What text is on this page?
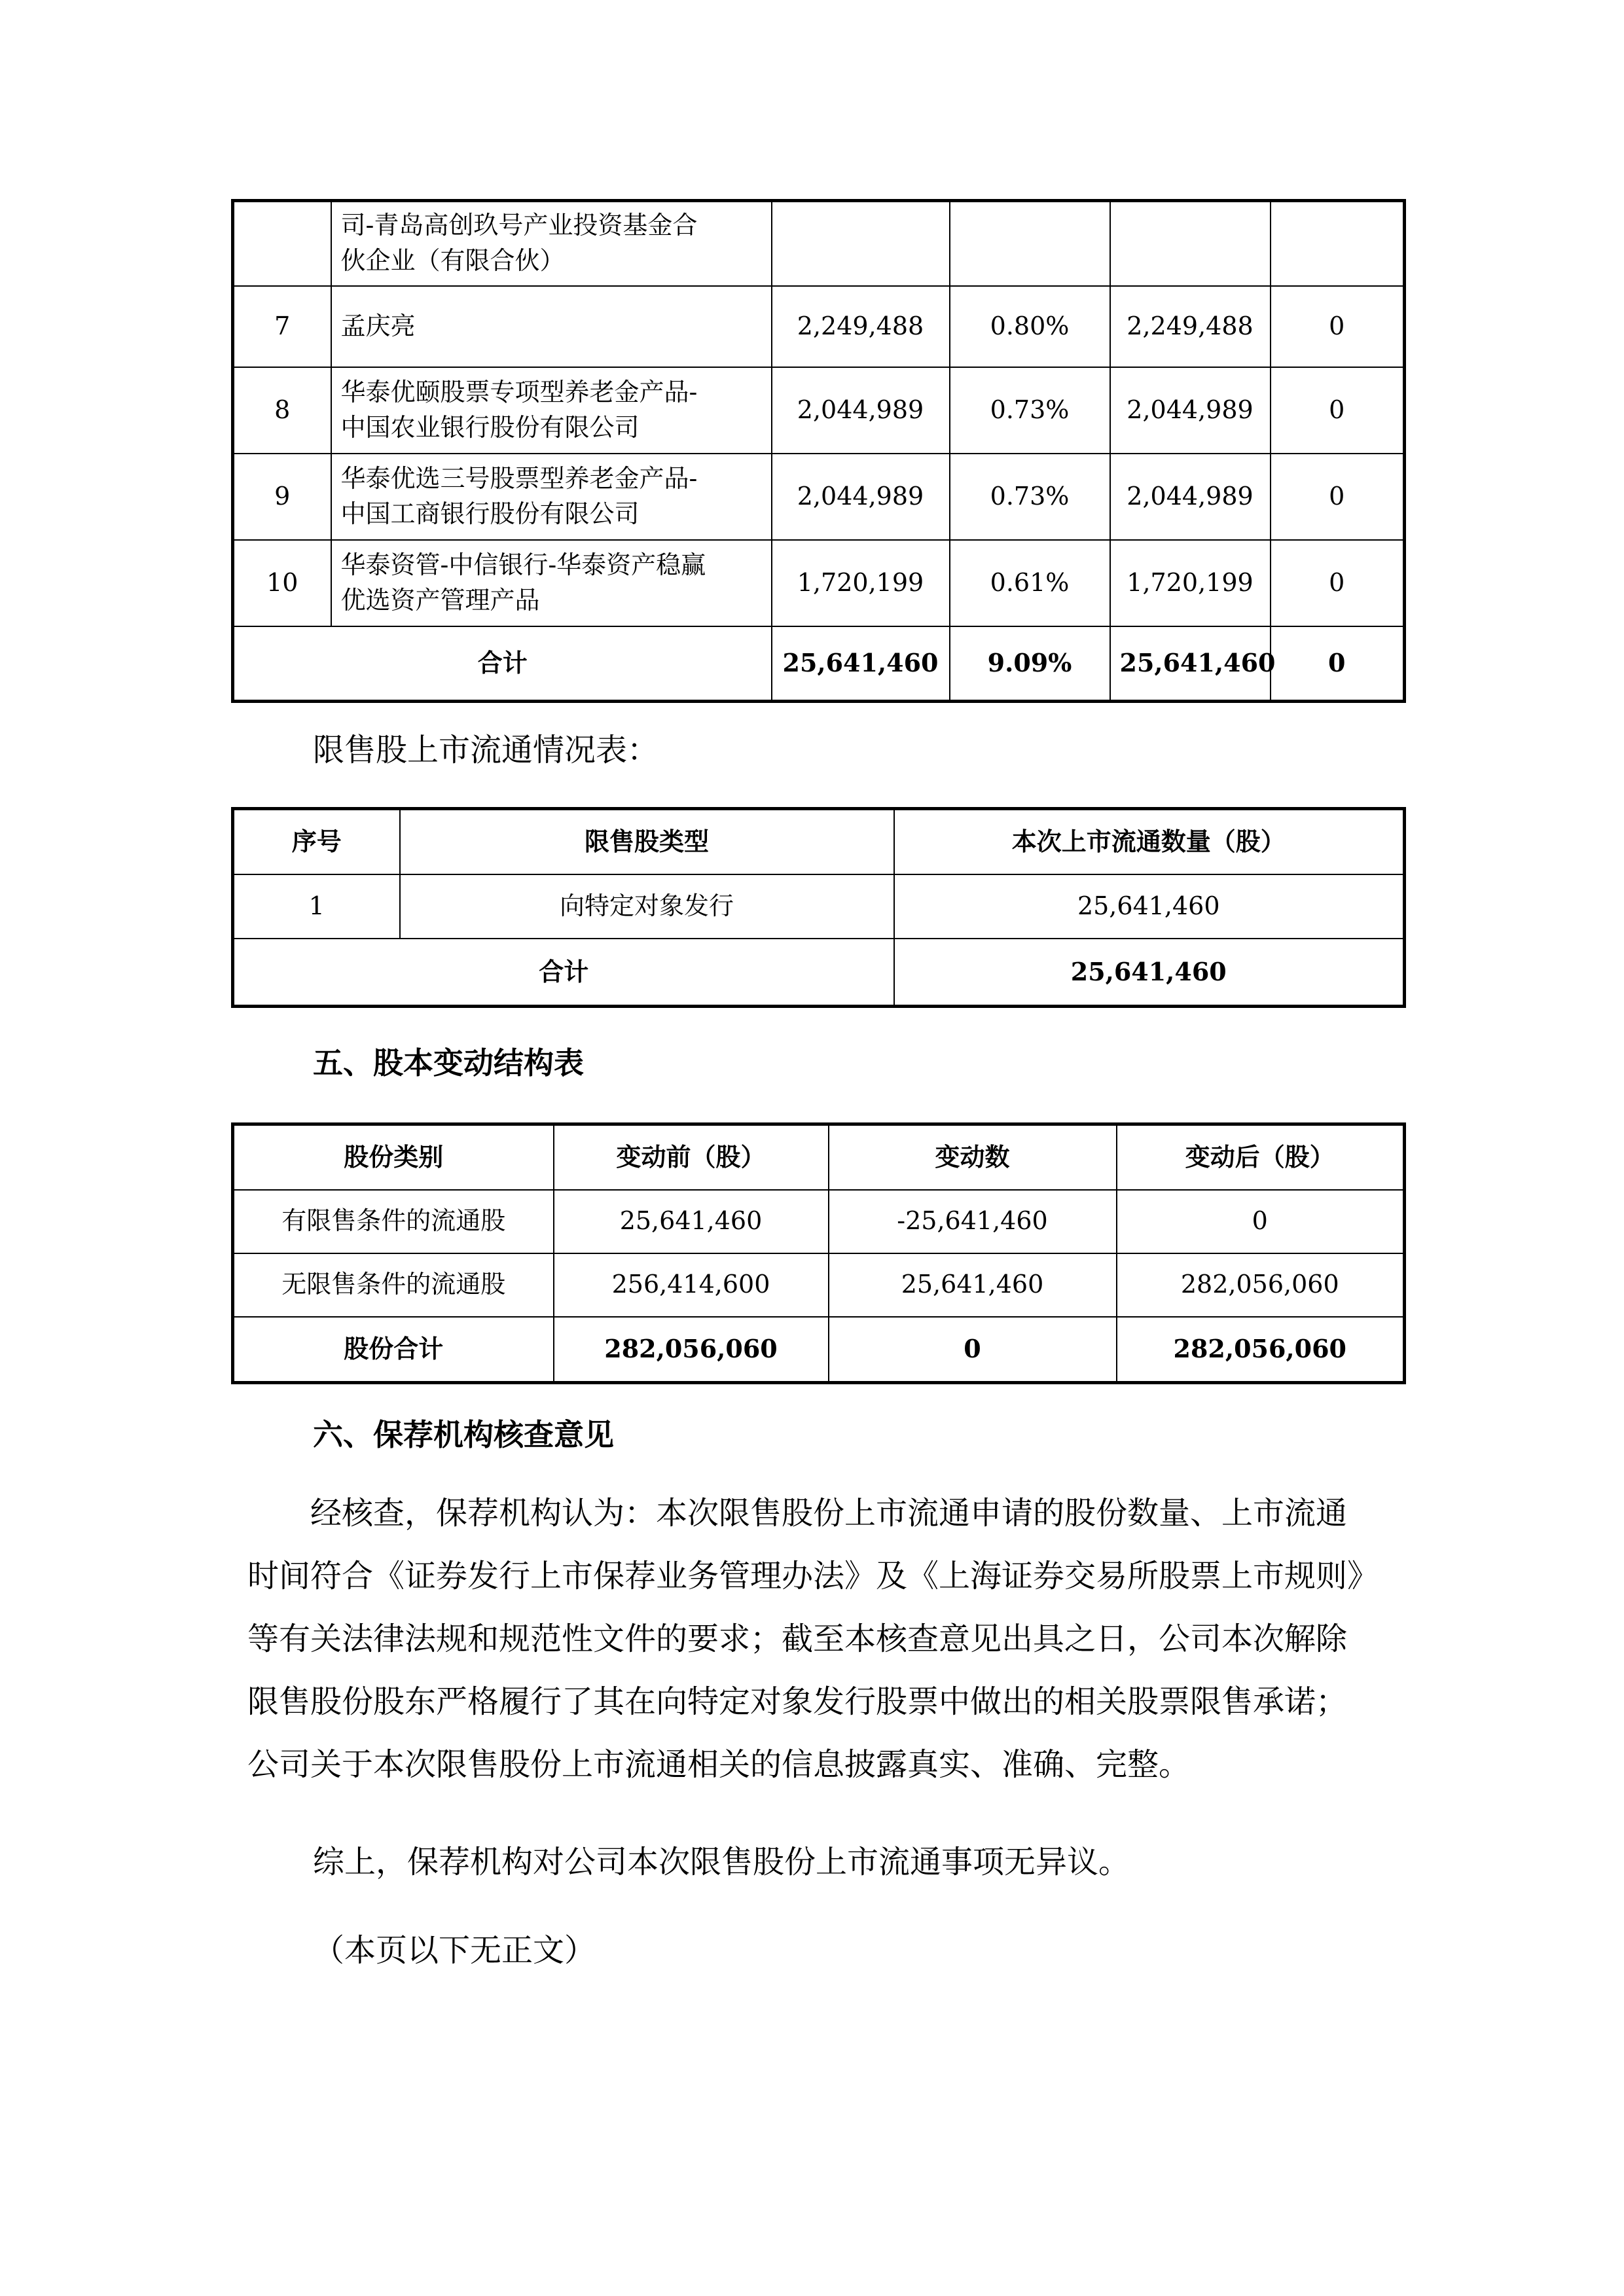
	司-青岛高创玖号产业投资基金合
伙企业（有限合伙）				
7	孟庆亮	2,249,488	0.80%	2,249,488	0
8	华泰优颐股票专项型养老金产品-
中国农业银行股份有限公司	2,044,989	0.73%	2,044,989	0
9	华泰优选三号股票型养老金产品-
中国工商银行股份有限公司	2,044,989	0.73%	2,044,989	0
10	华泰资管-中信银行-华泰资产稳赢
优选资产管理产品	1,720,199	0.61%	1,720,199	0
合计		25,641,460	9.09%	25,641,460	0
限售股上市流通情况表：
序号	限售股类型	本次上市流通数量（股）
1	向特定对象发行	25,641,460
合计		25,641,460
五、股本变动结构表
股份类别	变动前（股）	变动数	变动后（股）
有限售条件的流通股	25,641,460	-25,641,460	0
无限售条件的流通股	256,414,600	25,641,460	282,056,060
股份合计	282,056,060	0	282,056,060
六、保荐机构核查意见
经核查，保荐机构认为：本次限售股份上市流通申请的股份数量、上市流通
时间符合《证券发行上市保荐业务管理办法》及《上海证券交易所股票上市规则》
等有关法律法规和规范性文件的要求；截至本核查意见出具之日，公司本次解除
限售股份股东严格履行了其在向特定对象发行股票中做出的相关股票限售承诺；
公司关于本次限售股份上市流通相关的信息披露真实、准确、完整。
综上，保荐机构对公司本次限售股份上市流通事项无异议。
（本页以下无正文）
